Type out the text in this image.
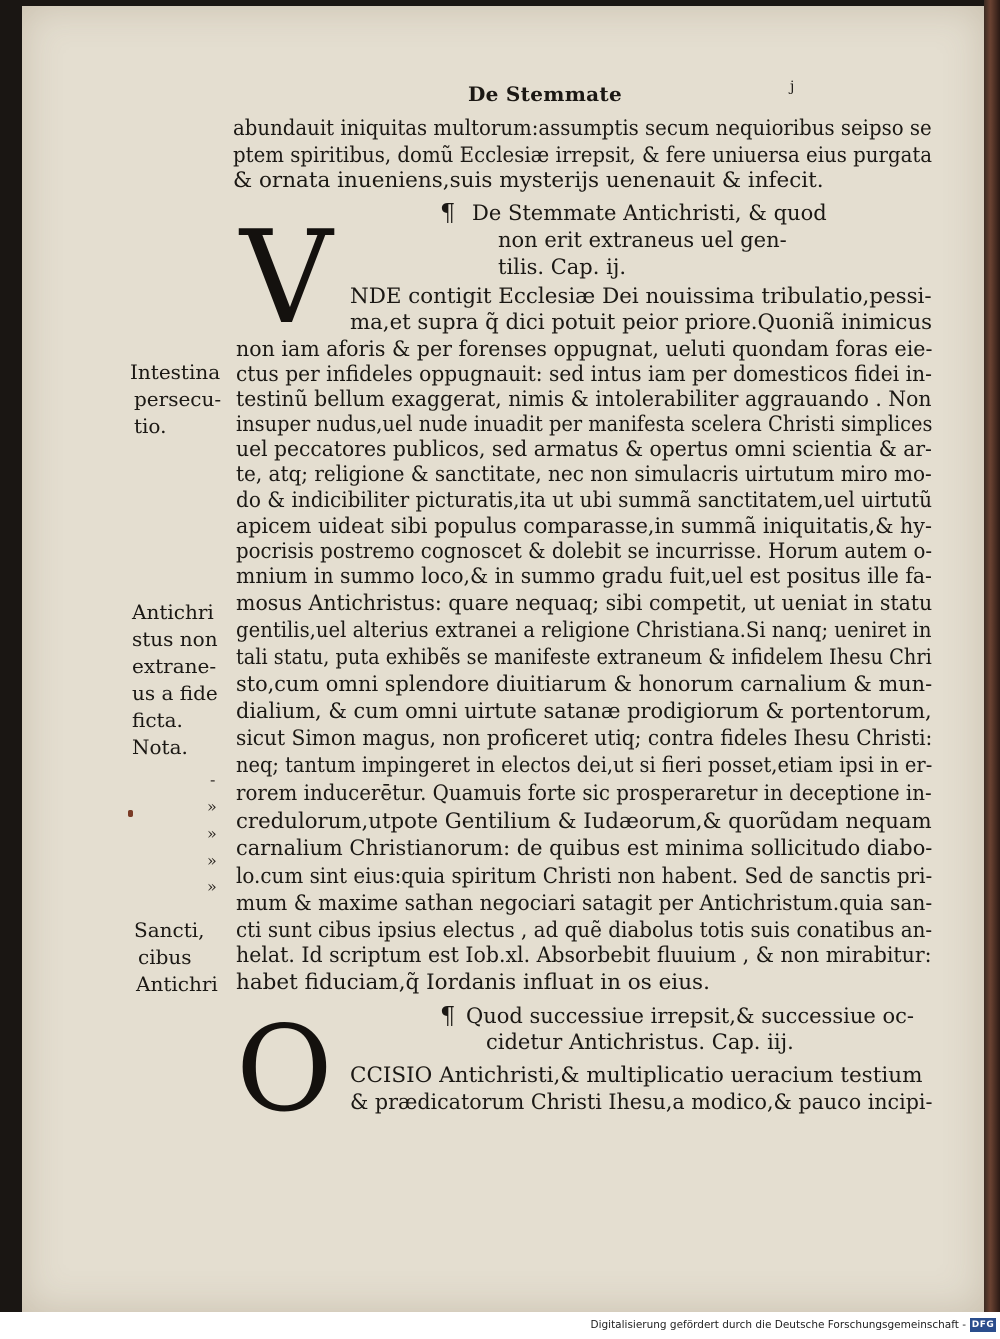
De Stemmate	j
abundauit iniquitas multorum:assumptis secum nequioribus seipso se
ptem spiritibus, domũ Ecclesiæ irrepsit, & fere uniuersa eius purgata
& ornata inueniens,suis mysterijs uenenauit & infecit.
¶ De Stemmate Antichristi, & quod
non erit extraneus uel gen-
tilis. Cap. ij.
V NDE contigit Ecclesiæ Dei nouissima tribulatio,pessi-
ma,et supra q̃ dici potuit peior priore.Quoniã inimicus
non iam aforis & per forenses oppugnat, ueluti quondam foras eie-
ctus per infideles oppugnauit: sed intus iam per domesticos fidei in-
testinũ bellum exaggerat, nimis & intolerabiliter aggrauando . Non
insuper nudus,uel nude inuadit per manifesta scelera Christi simplices
uel peccatores publicos, sed armatus & opertus omni scientia & ar-
te, atq; religione & sanctitate, nec non simulacris uirtutum miro mo-
do & indicibiliter picturatis,ita ut ubi summã sanctitatem,uel uirtutũ
apicem uideat sibi populus comparasse,in summã iniquitatis,& hy-
pocrisis postremo cognoscet & dolebit se incurrisse. Horum autem o-
mnium in summo loco,& in summo gradu fuit,uel est positus ille fa-
mosus Antichristus: quare nequaq; sibi competit, ut ueniat in statu
gentilis,uel alterius extranei a religione Christiana.Si nanq; ueniret in
tali statu, puta exhibẽs se manifeste extraneum & infidelem Ihesu Chri
sto,cum omni splendore diuitiarum & honorum carnalium & mun-
dialium, & cum omni uirtute satanæ prodigiorum & portentorum,
sicut Simon magus, non proficeret utiq; contra fideles Ihesu Christi:
neq; tantum impingeret in electos dei,ut si fieri posset,etiam ipsi in er-
rorem inducerētur. Quamuis forte sic prosperaretur in deceptione in-
credulorum,utpote Gentilium & Iudæorum,& quorũdam nequam
carnalium Christianorum: de quibus est minima sollicitudo diabo-
lo.cum sint eius:quia spiritum Christi non habent. Sed de sanctis pri-
mum & maxime sathan negociari satagit per Antichristum.quia san-
cti sunt cibus ipsius electus , ad quẽ diabolus totis suis conatibus an-
helat. Id scriptum est Iob.xl. Absorbebit fluuium , & non mirabitur:
habet fiduciam,q̃ Iordanis influat in os eius.
¶ Quod successiue irrepsit,& successiue oc-
cidetur Antichristus. Cap. iij.
O CCISIO Antichristi,& multiplicatio ueracium testium
& prædicatorum Christi Ihesu,a modico,& pauco incipi-
Intestina
persecu-
tio.
Antichri
stus non
extrane-
us a fide
ficta.
Nota.
Sancti,
cibus
Antichri
-
»
»
»
»
Digitalisierung gefördert durch die Deutsche Forschungsgemeinschaft - DFG
